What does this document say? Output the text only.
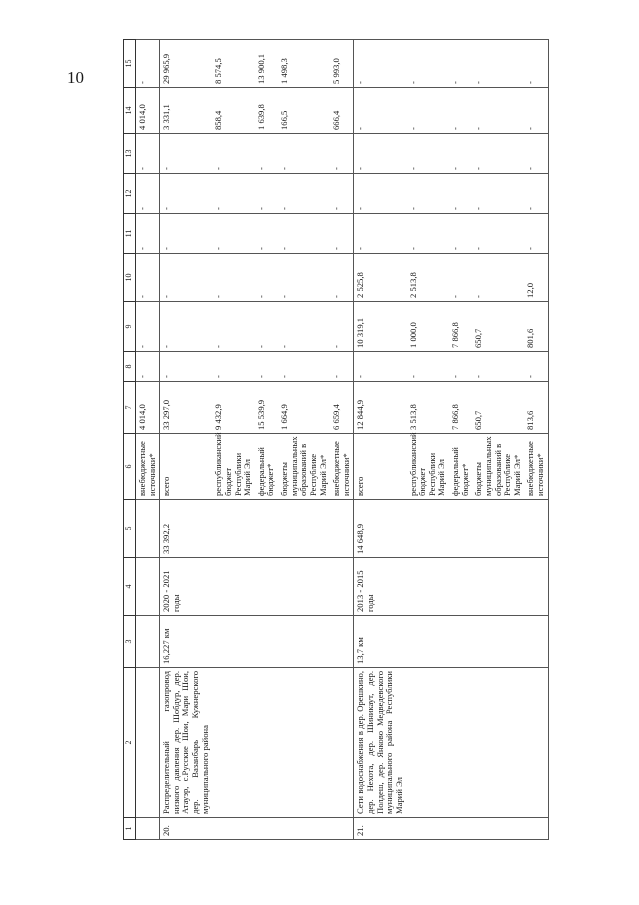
10
1	2	3	4	5	6	7	8	9	10	11	12	13	14	15
					внебюджетные источники*	4 014,0	-	-	-	-	-	-	4 014,0	-
20.	Распределительный газопровод низкого давления дер. Шобдур, дер. Атауэр, с.Русские Шои, Мари Шои, дер. Вазанбарь Кужнерского муниципального района	16,227 км	2020 - 2021 годы	33 392,2	всего	33 297,0	-	-	-	-	-	-	3 331,1	29 965,9
					республиканский бюджет Республики Марий Эл	9 432,9	-	-	-	-	-	-	858,4	8 574,5
					федеральный бюджет*	15 539,9	-	-	-	-	-	-	1 639,8	13 900,1
					бюджеты муниципальных образований в Республике Марий Эл*	1 664,9	-	-	-	-	-	-	166,5	1 498,3
					внебюджетные источники*	6 659,4	-	-	-	-	-	-	666,4	5 993,0
21.	Сети водоснабжения в дер. Орешкино, дер. Нехота, дер. Шиникаут, дер. Полдеш, дер. Янково Медведевского муниципального района Республики Марий Эл	13,7 км	2013 - 2015 годы	14 648,9	всего	12 844,9	-	10 319,1	2 525,8	-	-	-	-	-
					республиканский бюджет Республики Марий Эл	3 513,8	-	1 000,0	2 513,8	-	-	-	-	-
					федеральный бюджет*	7 866,8	-	7 866,8	-	-	-	-	-	-
					бюджеты муниципальных образований в Республике Марий Эл*	650,7	-	650,7	-	-	-	-	-	-
					внебюджетные источники*	813,6	-	801,6	12,0	-	-	-	-	-
